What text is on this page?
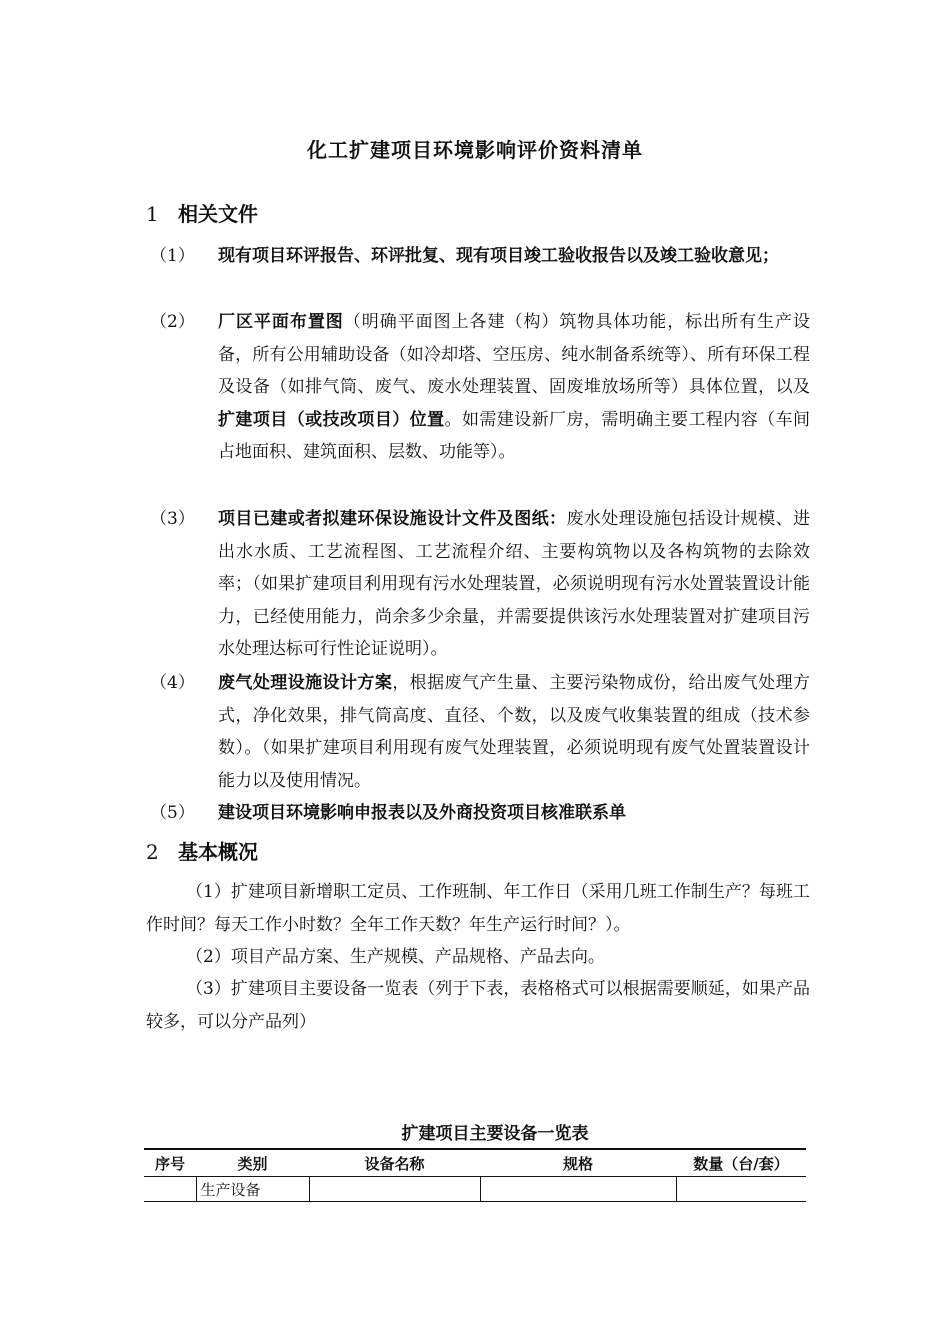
化工扩建项目环境影响评价资料清单
1 相关文件
（1）	现有项目环评报告、环评批复、现有项目竣工验收报告以及竣工验收意见；
（2）	厂区平面布置图（明确平面图上各建（构）筑物具体功能，标出所有生产设备，所有公用辅助设备（如冷却塔、空压房、纯水制备系统等）、所有环保工程及设备（如排气筒、废气、废水处理装置、固废堆放场所等）具体位置，以及扩建项目（或技改项目）位置。如需建设新厂房，需明确主要工程内容（车间占地面积、建筑面积、层数、功能等）。
（3）	项目已建或者拟建环保设施设计文件及图纸：废水处理设施包括设计规模、进出水水质、工艺流程图、工艺流程介绍、主要构筑物以及各构筑物的去除效率；（如果扩建项目利用现有污水处理装置，必须说明现有污水处置装置设计能力，已经使用能力，尚余多少余量，并需要提供该污水处理装置对扩建项目污水处理达标可行性论证说明）。
（4）	废气处理设施设计方案，根据废气产生量、主要污染物成份，给出废气处理方式，净化效果，排气筒高度、直径、个数，以及废气收集装置的组成（技术参数）。（如果扩建项目利用现有废气处理装置，必须说明现有废气处置装置设计能力以及使用情况。
（5）	建设项目环境影响申报表以及外商投资项目核准联系单
2 基本概况
（1）扩建项目新增职工定员、工作班制、年工作日（采用几班工作制生产？每班工作时间？每天工作小时数？全年工作天数？年生产运行时间？）。
（2）项目产品方案、生产规模、产品规格、产品去向。
（3）扩建项目主要设备一览表（列于下表，表格格式可以根据需要顺延，如果产品较多，可以分产品列）
扩建项目主要设备一览表
序号	类别	设备名称	规格	数量（台/套）
	生产设备			
